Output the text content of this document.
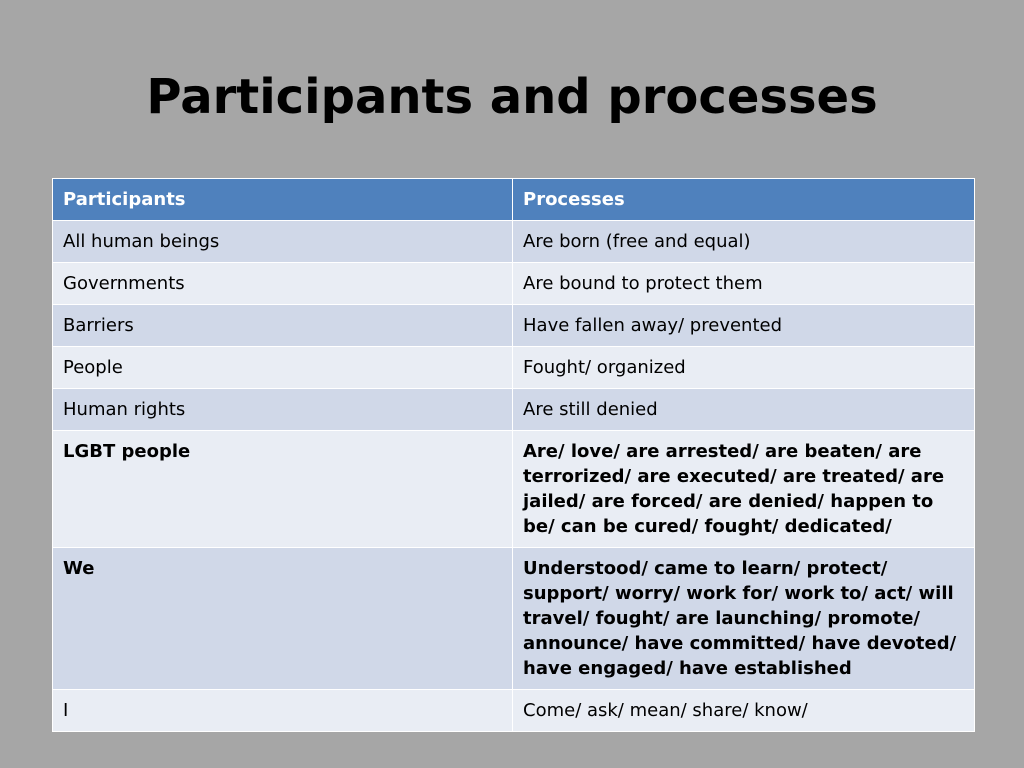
Participants and processes
Participants	Processes
All human beings	Are born (free and equal)
Governments	Are bound to protect them
Barriers	Have fallen away/ prevented
People	Fought/ organized
Human rights	Are still denied
LGBT people	Are/ love/ are arrested/ are beaten/ are terrorized/ are executed/ are treated/ are jailed/ are forced/ are denied/ happen to be/ can be cured/ fought/ dedicated/
We	Understood/ came to learn/ protect/ support/ worry/ work for/ work to/ act/ will travel/ fought/ are launching/ promote/ announce/ have committed/ have devoted/ have engaged/ have established
I	Come/ ask/ mean/ share/ know/
